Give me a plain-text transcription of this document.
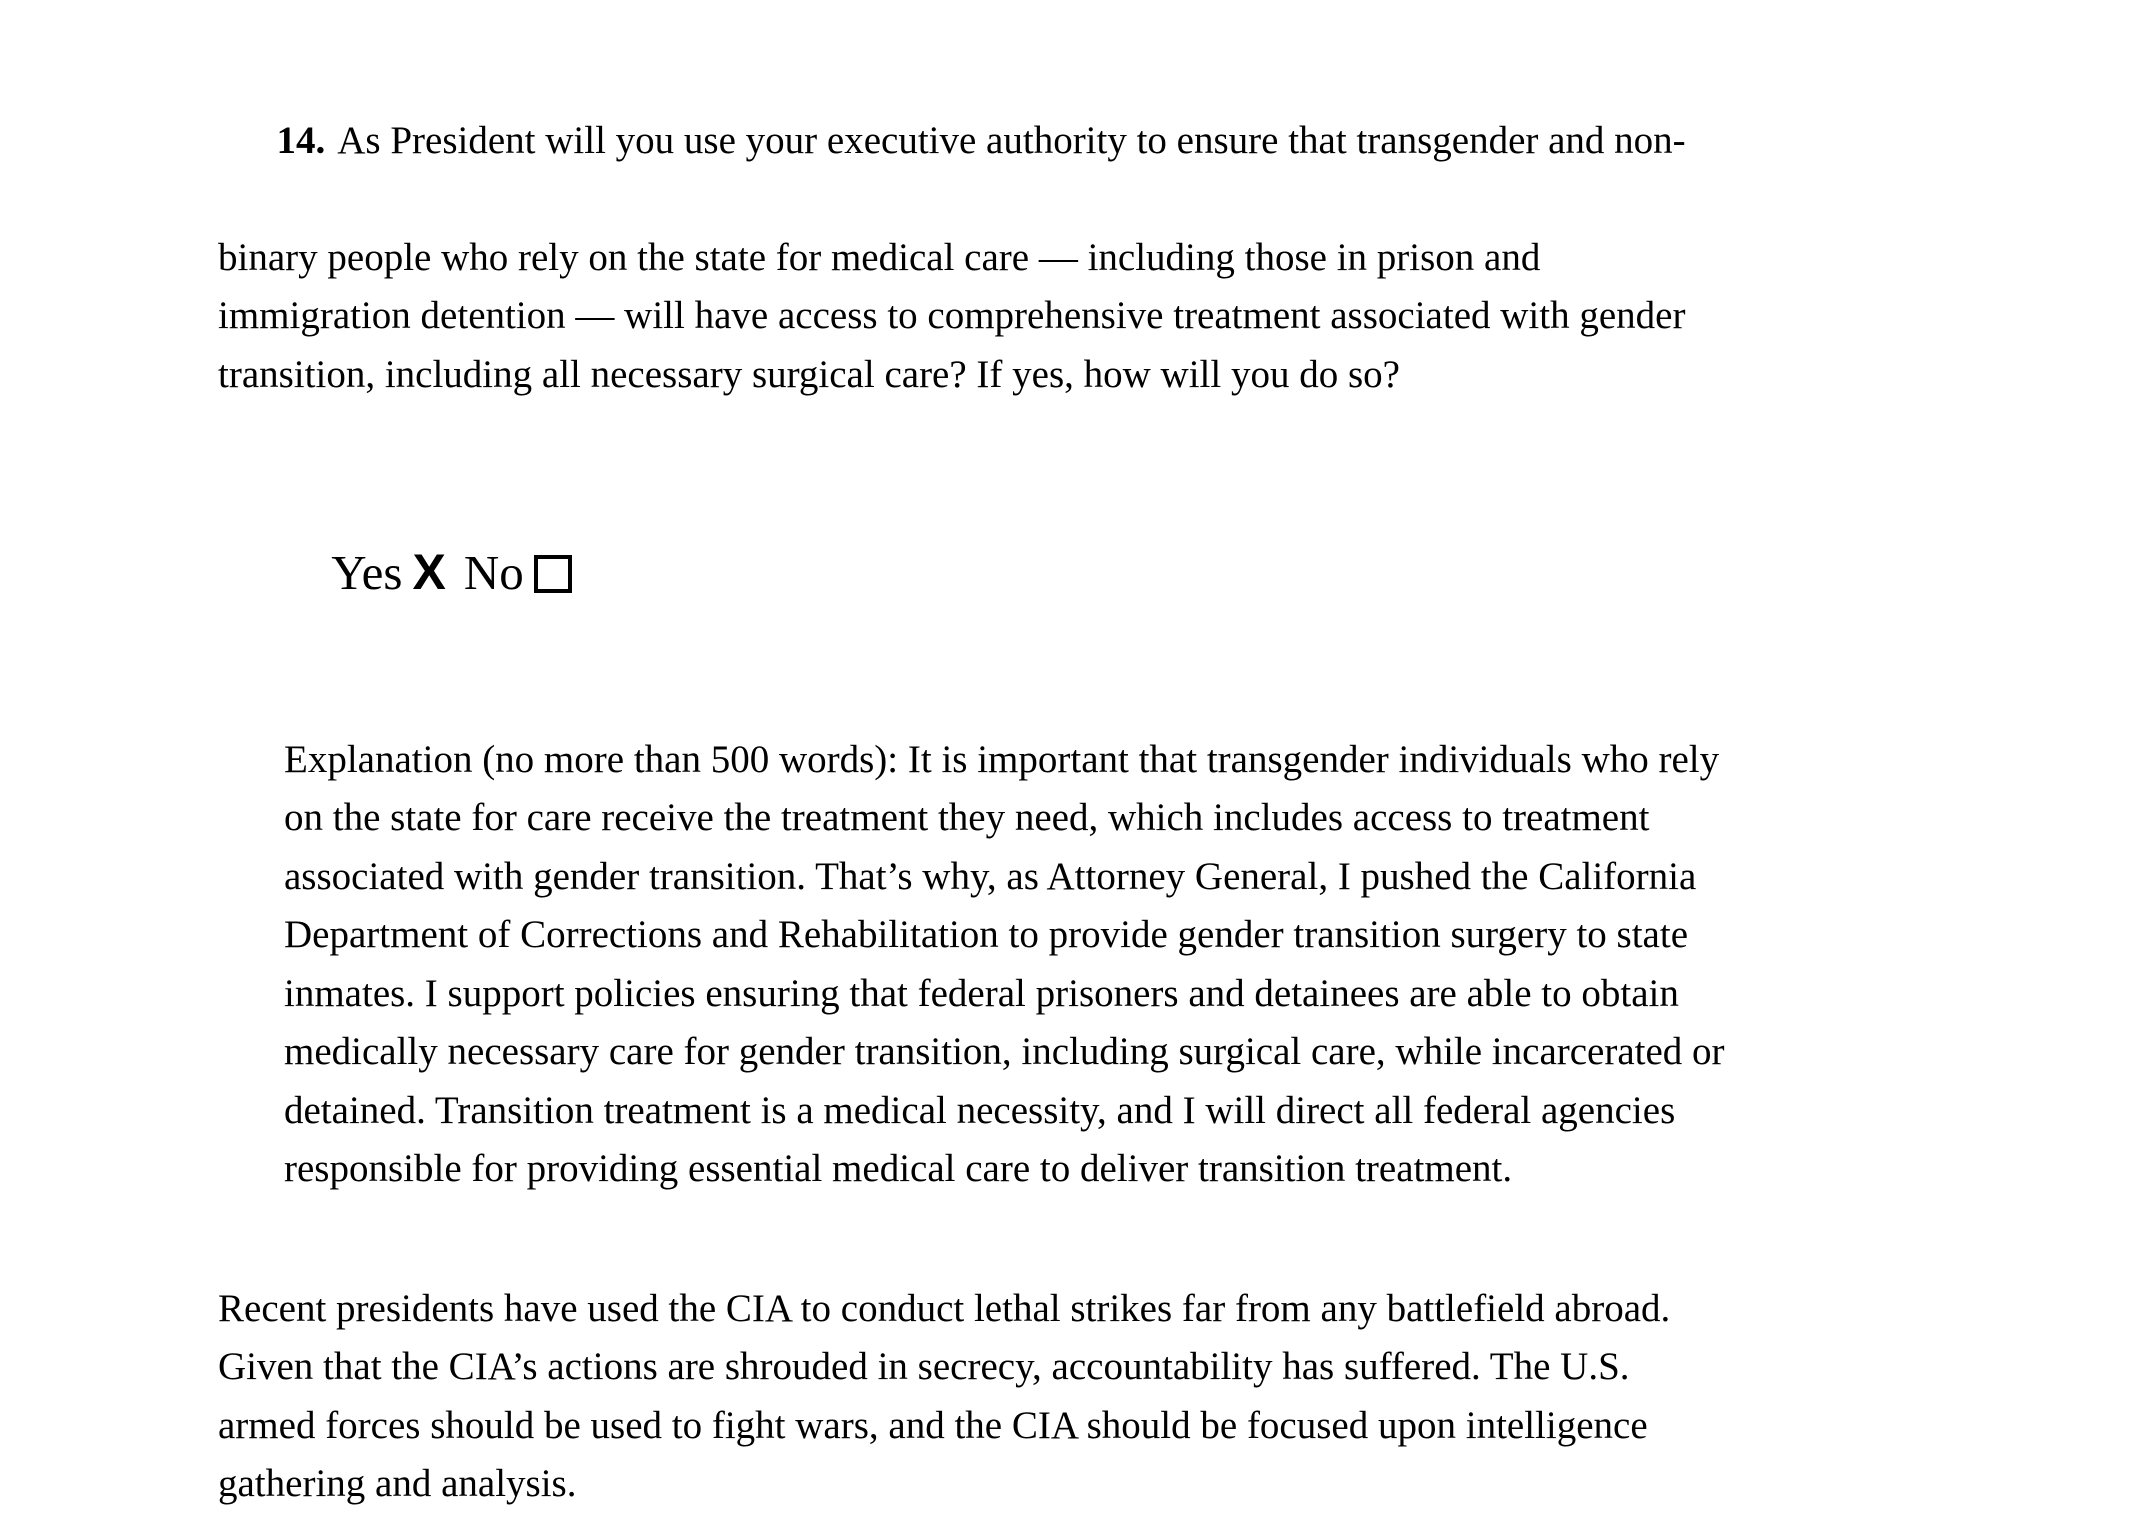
14. As President will you use your executive authority to ensure that transgender and non-

binary people who rely on the state for medical care — including those in prison and
immigration detention — will have access to comprehensive treatment associated with gender
transition, including all necessary surgical care? If yes, how will you do so?

Yes X No

Explanation (no more than 500 words): It is important that transgender individuals who rely
on the state for care receive the treatment they need, which includes access to treatment
associated with gender transition. That’s why, as Attorney General, I pushed the California
Department of Corrections and Rehabilitation to provide gender transition surgery to state
inmates. I support policies ensuring that federal prisoners and detainees are able to obtain
medically necessary care for gender transition, including surgical care, while incarcerated or
detained. Transition treatment is a medical necessity, and I will direct all federal agencies
responsible for providing essential medical care to deliver transition treatment.
Recent presidents have used the CIA to conduct lethal strikes far from any battlefield abroad.
Given that the CIA’s actions are shrouded in secrecy, accountability has suffered. The U.S.
armed forces should be used to fight wars, and the CIA should be focused upon intelligence
gathering and analysis.
